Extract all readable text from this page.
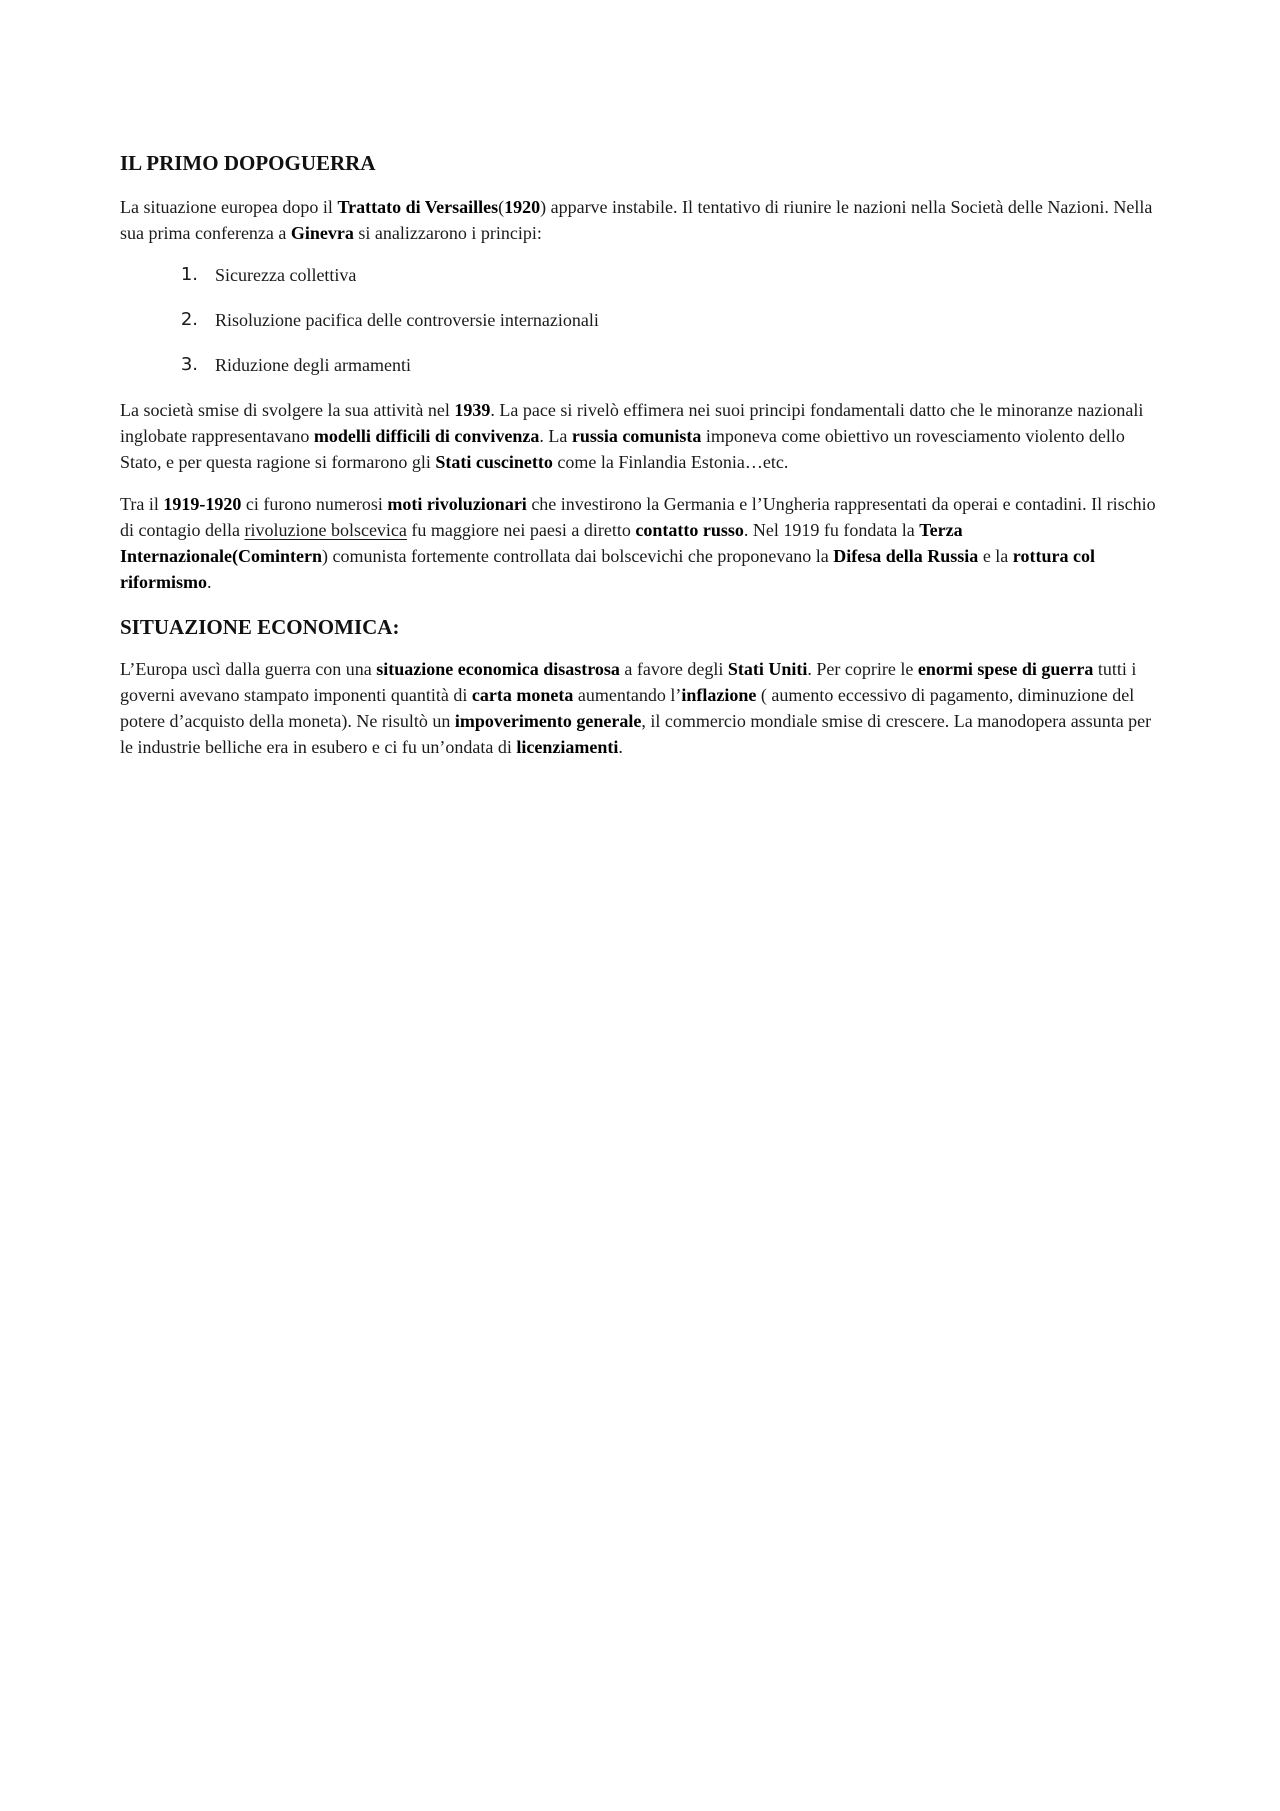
IL PRIMO DOPOGUERRA

La situazione europea dopo il Trattato di Versailles(1920) apparve instabile. Il tentativo di riunire le nazioni nella Società delle Nazioni. Nella sua prima conferenza a Ginevra si analizzarono i principi:

1. Sicurezza collettiva
2. Risoluzione pacifica delle controversie internazionali
3. Riduzione degli armamenti

La società smise di svolgere la sua attività nel 1939. La pace si rivelò effimera nei suoi principi fondamentali datto che le minoranze nazionali inglobate rappresentavano modelli difficili di convivenza. La russia comunista imponeva come obiettivo un rovesciamento violento dello Stato, e per questa ragione si formarono gli Stati cuscinetto come la Finlandia Estonia…etc.

Tra il 1919-1920 ci furono numerosi moti rivoluzionari che investirono la Germania e l’Ungheria rappresentati da operai e contadini. Il rischio di contagio della rivoluzione bolscevica fu maggiore nei paesi a diretto contatto russo. Nel 1919 fu fondata la Terza Internazionale(Comintern) comunista fortemente controllata dai bolscevichi che proponevano la Difesa della Russia e la rottura col riformismo.

SITUAZIONE ECONOMICA:

L’Europa uscì dalla guerra con una situazione economica disastrosa a favore degli Stati Uniti. Per coprire le enormi spese di guerra tutti i governi avevano stampato imponenti quantità di carta moneta aumentando l’inflazione ( aumento eccessivo di pagamento, diminuzione del potere d’acquisto della moneta). Ne risultò un impoverimento generale, il commercio mondiale smise di crescere. La manodopera assunta per le industrie belliche era in esubero e ci fu un’ondata di licenziamenti.
